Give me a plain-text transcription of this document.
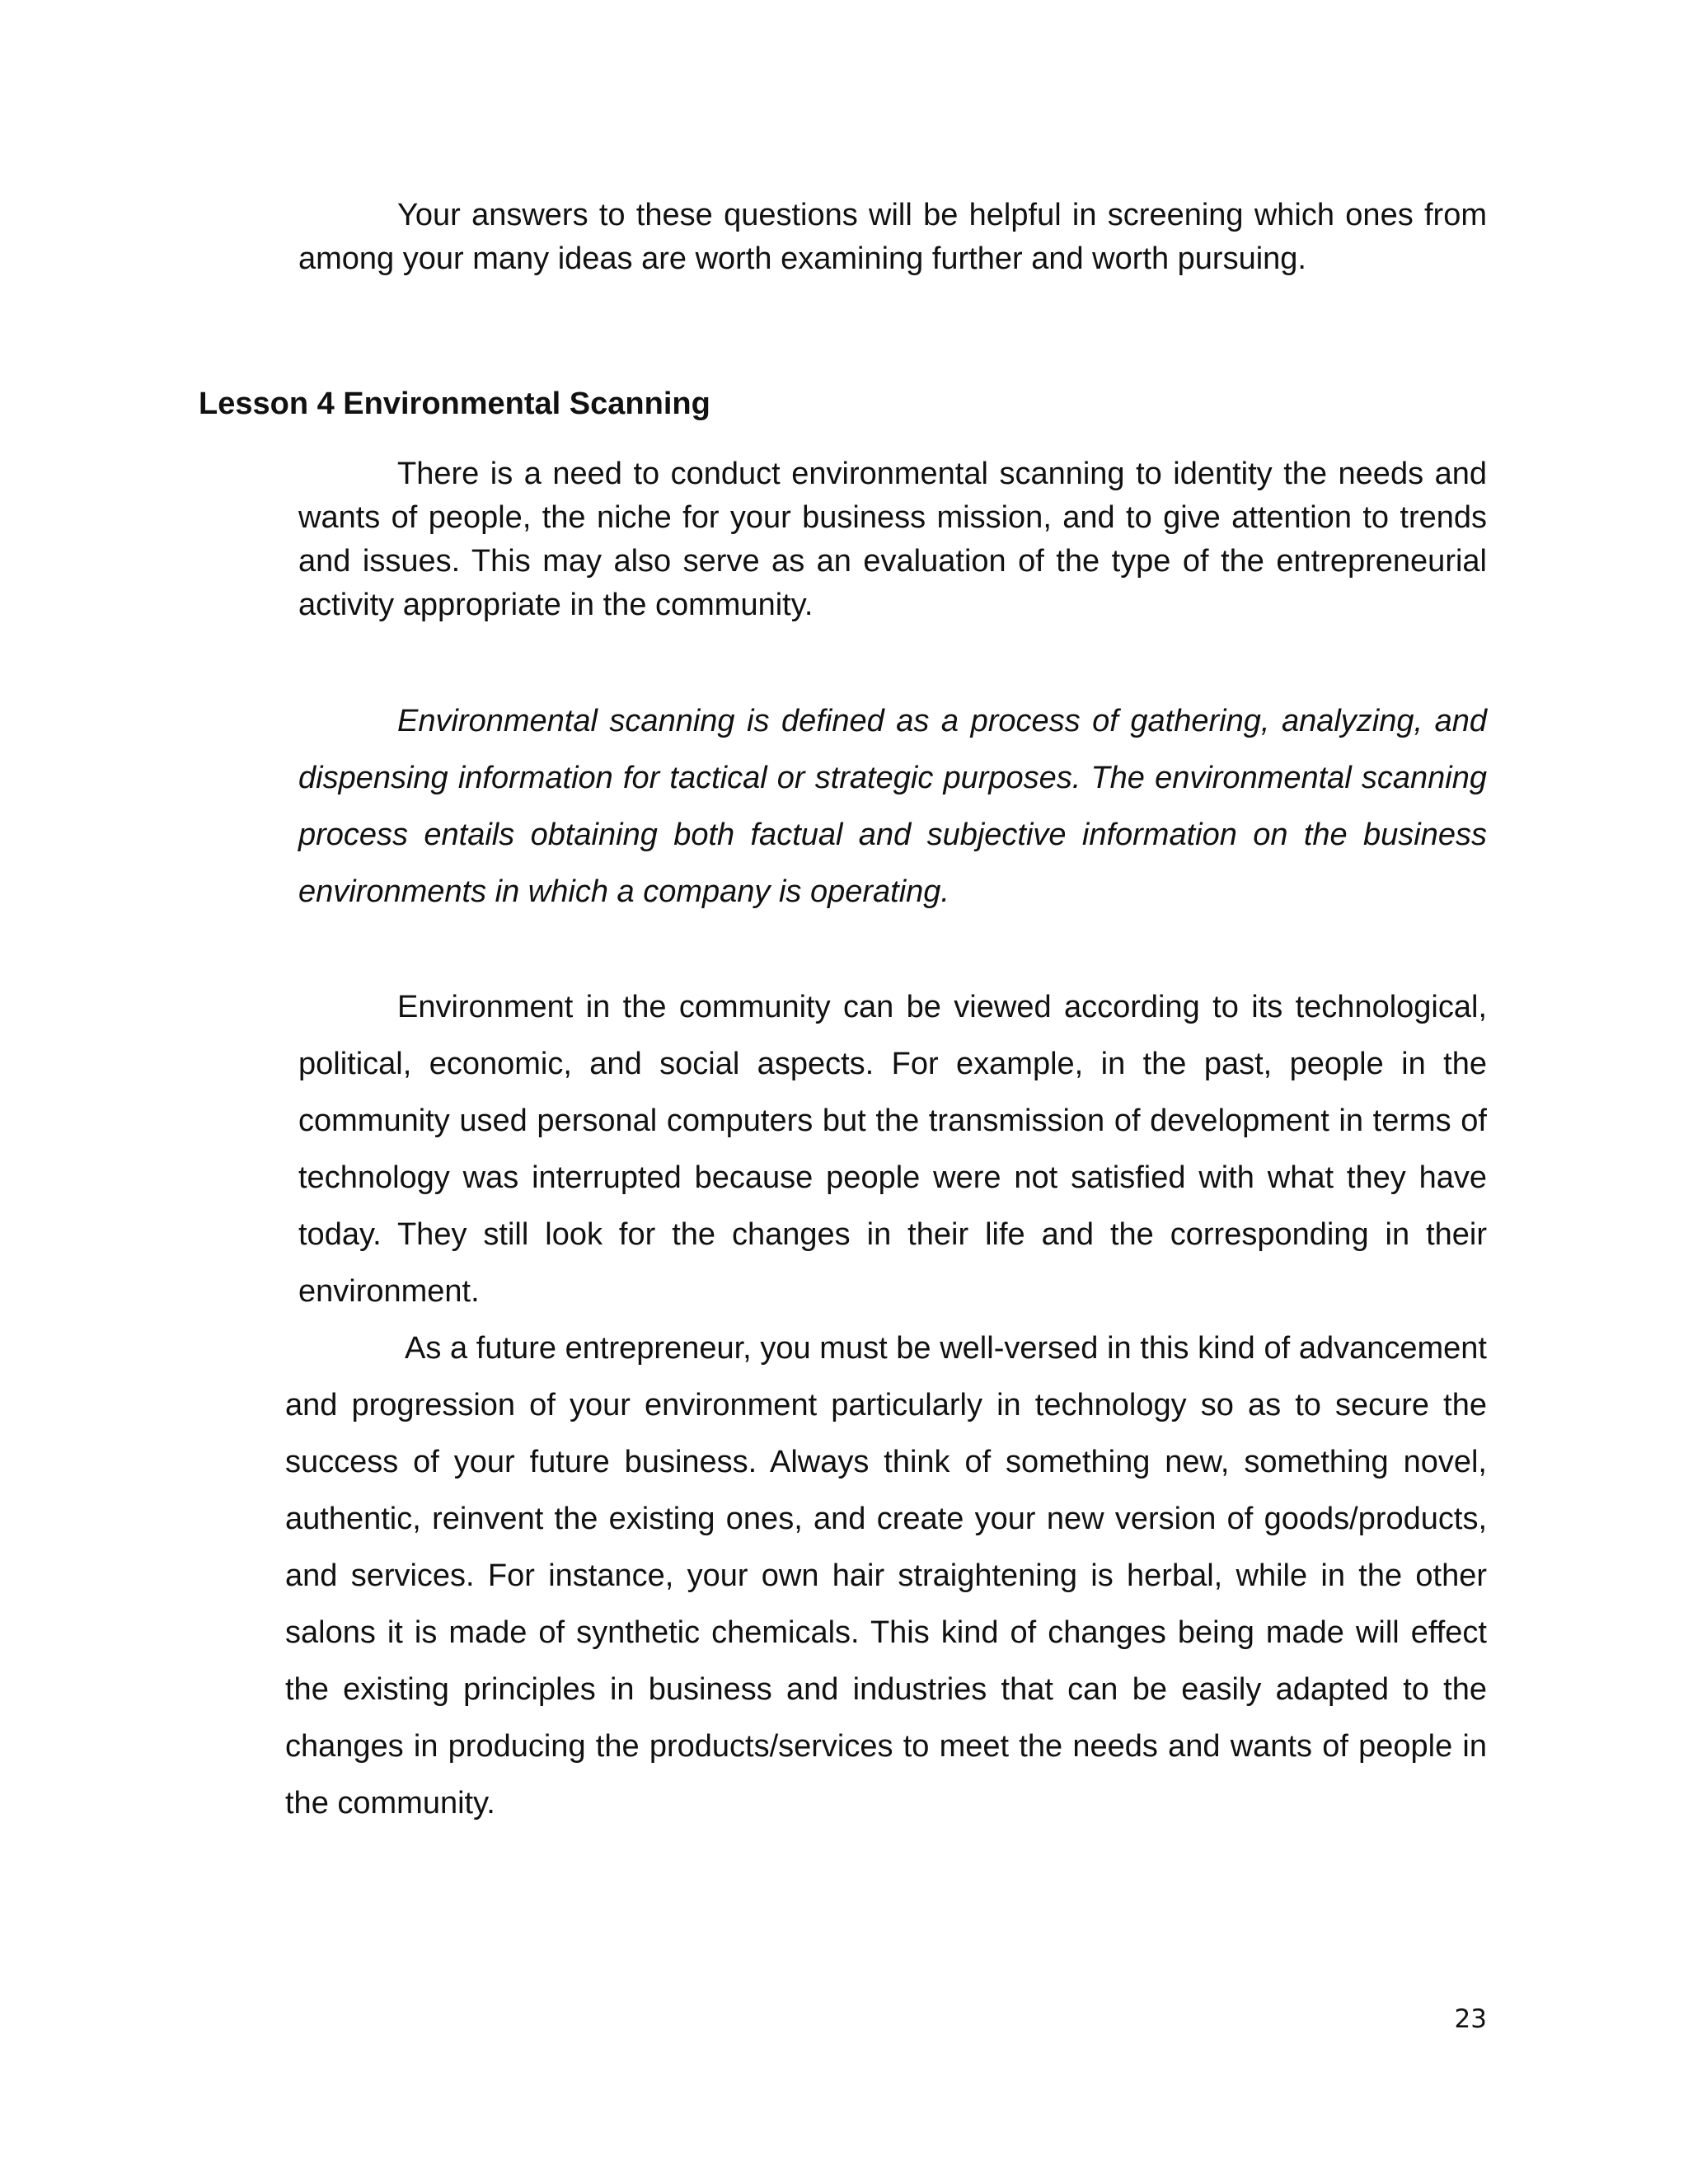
Your answers to these questions will be helpful in screening which ones from among your many ideas are worth examining further and worth pursuing.

Lesson 4 Environmental Scanning

There is a need to conduct environmental scanning to identity the needs and wants of people, the niche for your business mission, and to give attention to trends and issues. This may also serve as an evaluation of the type of the entrepreneurial activity appropriate in the community.

Environmental scanning is defined as a process of gathering, analyzing, and dispensing information for tactical or strategic purposes. The environmental scanning process entails obtaining both factual and subjective information on the business environments in which a company is operating.

Environment in the community can be viewed according to its technological, political, economic, and social aspects. For example, in the past, people in the community used personal computers but the transmission of development in terms of technology was interrupted because people were not satisfied with what they have today. They still look for the changes in their life and the corresponding in their environment.

As a future entrepreneur, you must be well-versed in this kind of advancement and progression of your environment particularly in technology so as to secure the success of your future business. Always think of something new, something novel, authentic, reinvent the existing ones, and create your new version of goods/products, and services. For instance, your own hair straightening is herbal, while in the other salons it is made of synthetic chemicals. This kind of changes being made will effect the existing principles in business and industries that can be easily adapted to the changes in producing the products/services to meet the needs and wants of people in the community.

23
